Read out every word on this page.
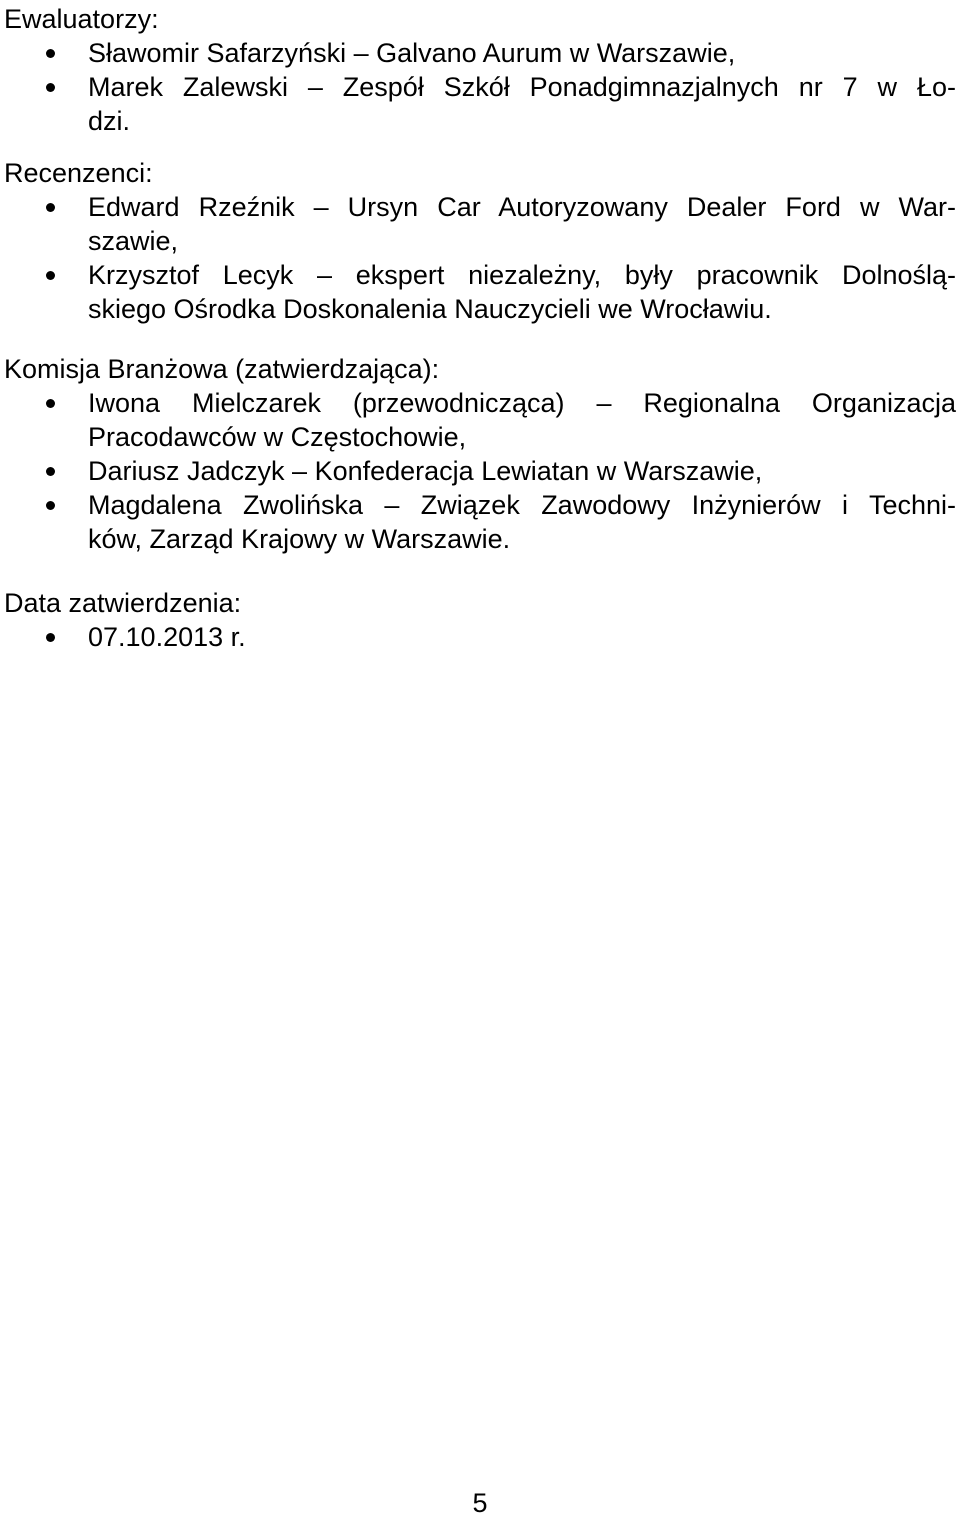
Ewaluatorzy:

Sławomir Safarzyński – Galvano Aurum w Warszawie,
Marek Zalewski – Zespół Szkół Ponadgimnazjalnych nr 7 w Ło-
dzi.

Recenzenci:

Edward Rzeźnik – Ursyn Car Autoryzowany Dealer Ford w War-
szawie,
Krzysztof Lecyk – ekspert niezależny, były pracownik Dolnoślą-
skiego Ośrodka Doskonalenia Nauczycieli we Wrocławiu.

Komisja Branżowa (zatwierdzająca):

Iwona Mielczarek (przewodnicząca) – Regionalna Organizacja
Pracodawców w Częstochowie,
Dariusz Jadczyk – Konfederacja Lewiatan w Warszawie,
Magdalena Zwolińska – Związek Zawodowy Inżynierów i Techni-
ków, Zarząd Krajowy w Warszawie.

Data zatwierdzenia:

07.10.2013 r.
5
